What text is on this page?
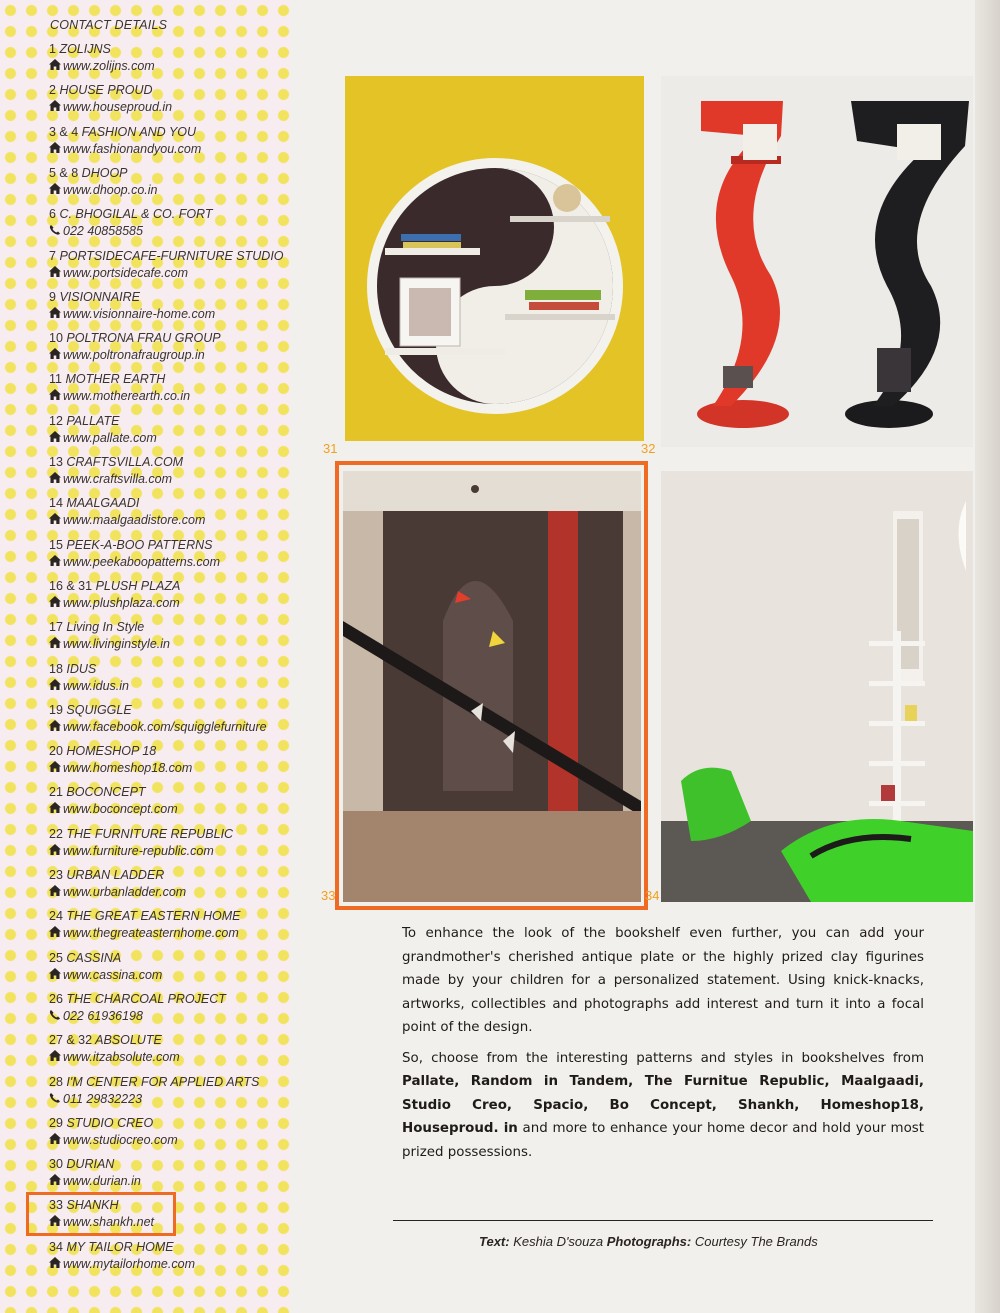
CONTACT DETAILS
1 ZOLIJNS
www.zolijns.com
2 HOUSE PROUD
www.houseproud.in
3 & 4 FASHION AND YOU
www.fashionandyou.com
5 & 8 DHOOP
www.dhoop.co.in
6 C. BHOGILAL & CO. FORT
022 40858585
7 PORTSIDECAFE-FURNITURE STUDIO
www.portsidecafe.com
9 VISIONNAIRE
www.visionnaire-home.com
10 POLTRONA FRAU GROUP
www.poltronafraugroup.in
11 MOTHER EARTH
www.motherearth.co.in
12 PALLATE
www.pallate.com
13 CRAFTSVILLA.COM
www.craftsvilla.com
14 MAALGAADI
www.maalgaadistore.com
15 PEEK-A-BOO PATTERNS
www.peekaboopatterns.com
16 & 31 PLUSH PLAZA
www.plushplaza.com
17 Living In Style
www.livinginstyle.in
18 IDUS
www.idus.in
19 SQUIGGLE
www.facebook.com/squigglefurniture
20 HOMESHOP 18
www.homeshop18.com
21 BOCONCEPT
www.boconcept.com
22 THE FURNITURE REPUBLIC
www.furniture-republic.com
23 URBAN LADDER
www.urbanladder.com
24 THE GREAT EASTERN HOME
www.thegreateasternhome.com
25 CASSINA
www.cassina.com
26 THE CHARCOAL PROJECT
022 61936198
27 & 32 ABSOLUTE
www.itzabsolute.com
28 I'M CENTER FOR APPLIED ARTS
011 29832223
29 STUDIO CREO
www.studiocreo.com
30 DURIAN
www.durian.in
33 SHANKH
www.shankh.net
34 MY TAILOR HOME
www.mytailorhome.com
31	32
33	34

To enhance the look of the bookshelf even further, you can add your grandmother's cherished antique plate or the highly prized clay figurines made by your children for a personalized statement. Using knick-knacks, artworks, collectibles and photographs add interest and turn it into a focal point of the design.

So, choose from the interesting patterns and styles in bookshelves from Pallate, Random in Tandem, The Furnitue Republic, Maalgaadi, Studio Creo, Spacio, Bo Concept, Shankh, Homeshop18, Houseproud. in and more to enhance your home decor and hold your most prized possessions.

Text: Keshia D'souza Photographs: Courtesy The Brands
